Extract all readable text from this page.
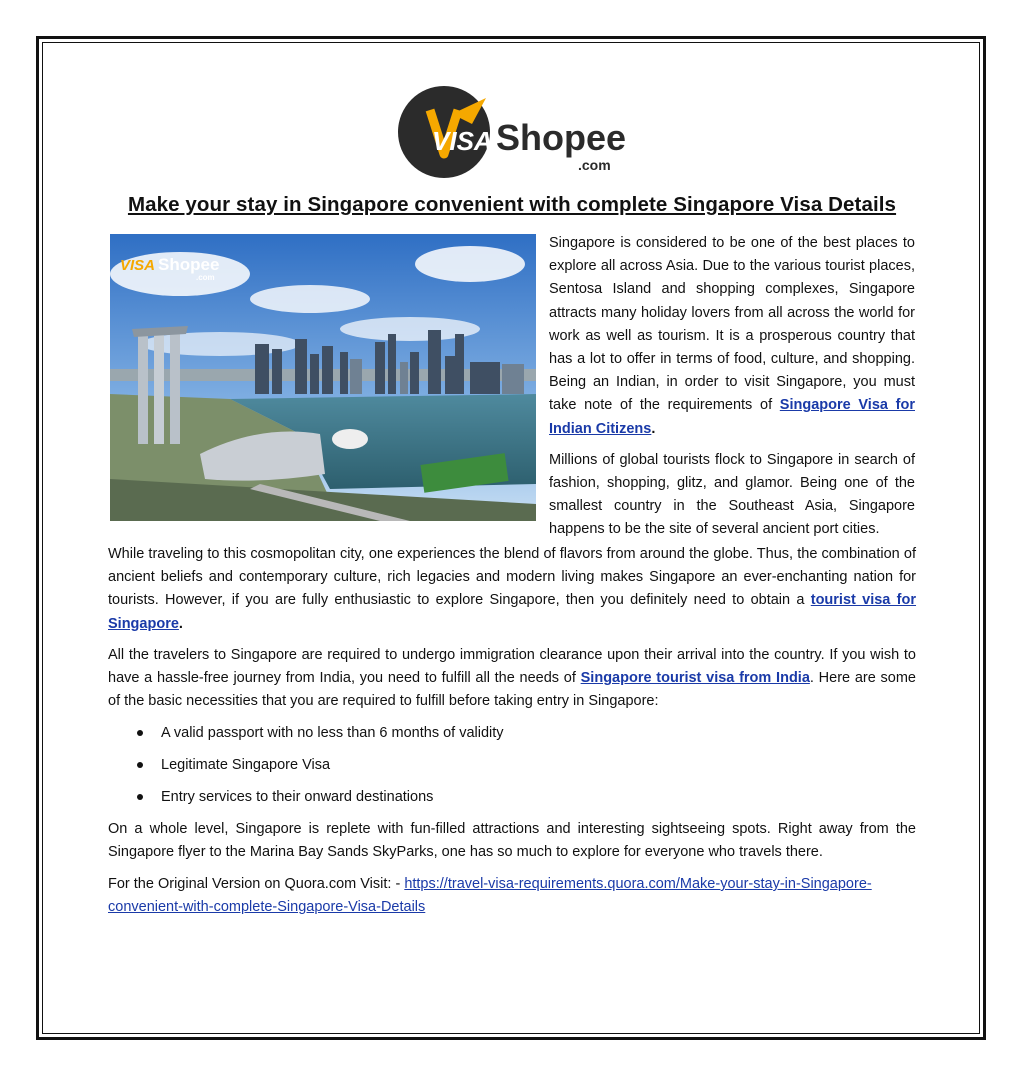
VISA Shopee
.com
Make your stay in Singapore convenient with complete Singapore Visa Details
VISA Shopee
.com

Singapore is considered to be one of the best places to explore all across Asia. Due to the various tourist places, Sentosa Island and shopping complexes, Singapore attracts many holiday lovers from all across the world for work as well as tourism. It is a prosperous country that has a lot to offer in terms of food, culture, and shopping. Being an Indian, in order to visit Singapore, you must take note of the requirements of Singapore Visa for Indian Citizens.

Millions of global tourists flock to Singapore in search of fashion, shopping, glitz, and glamor. Being one of the smallest country in the Southeast Asia, Singapore happens to be the site of several ancient port cities.

While traveling to this cosmopolitan city, one experiences the blend of flavors from around the globe. Thus, the combination of ancient beliefs and contemporary culture, rich legacies and modern living makes Singapore an ever-enchanting nation for tourists. However, if you are fully enthusiastic to explore Singapore, then you definitely need to obtain a tourist visa for Singapore.

All the travelers to Singapore are required to undergo immigration clearance upon their arrival into the country. If you wish to have a hassle-free journey from India, you need to fulfill all the needs of Singapore tourist visa from India. Here are some of the basic necessities that you are required to fulfill before taking entry in Singapore:

A valid passport with no less than 6 months of validity
Legitimate Singapore Visa
Entry services to their onward destinations

On a whole level, Singapore is replete with fun-filled attractions and interesting sightseeing spots. Right away from the Singapore flyer to the Marina Bay Sands SkyParks, one has so much to explore for everyone who travels there.

For the Original Version on Quora.com Visit: - https://travel-visa-requirements.quora.com/Make-your-stay-in-Singapore-convenient-with-complete-Singapore-Visa-Details
